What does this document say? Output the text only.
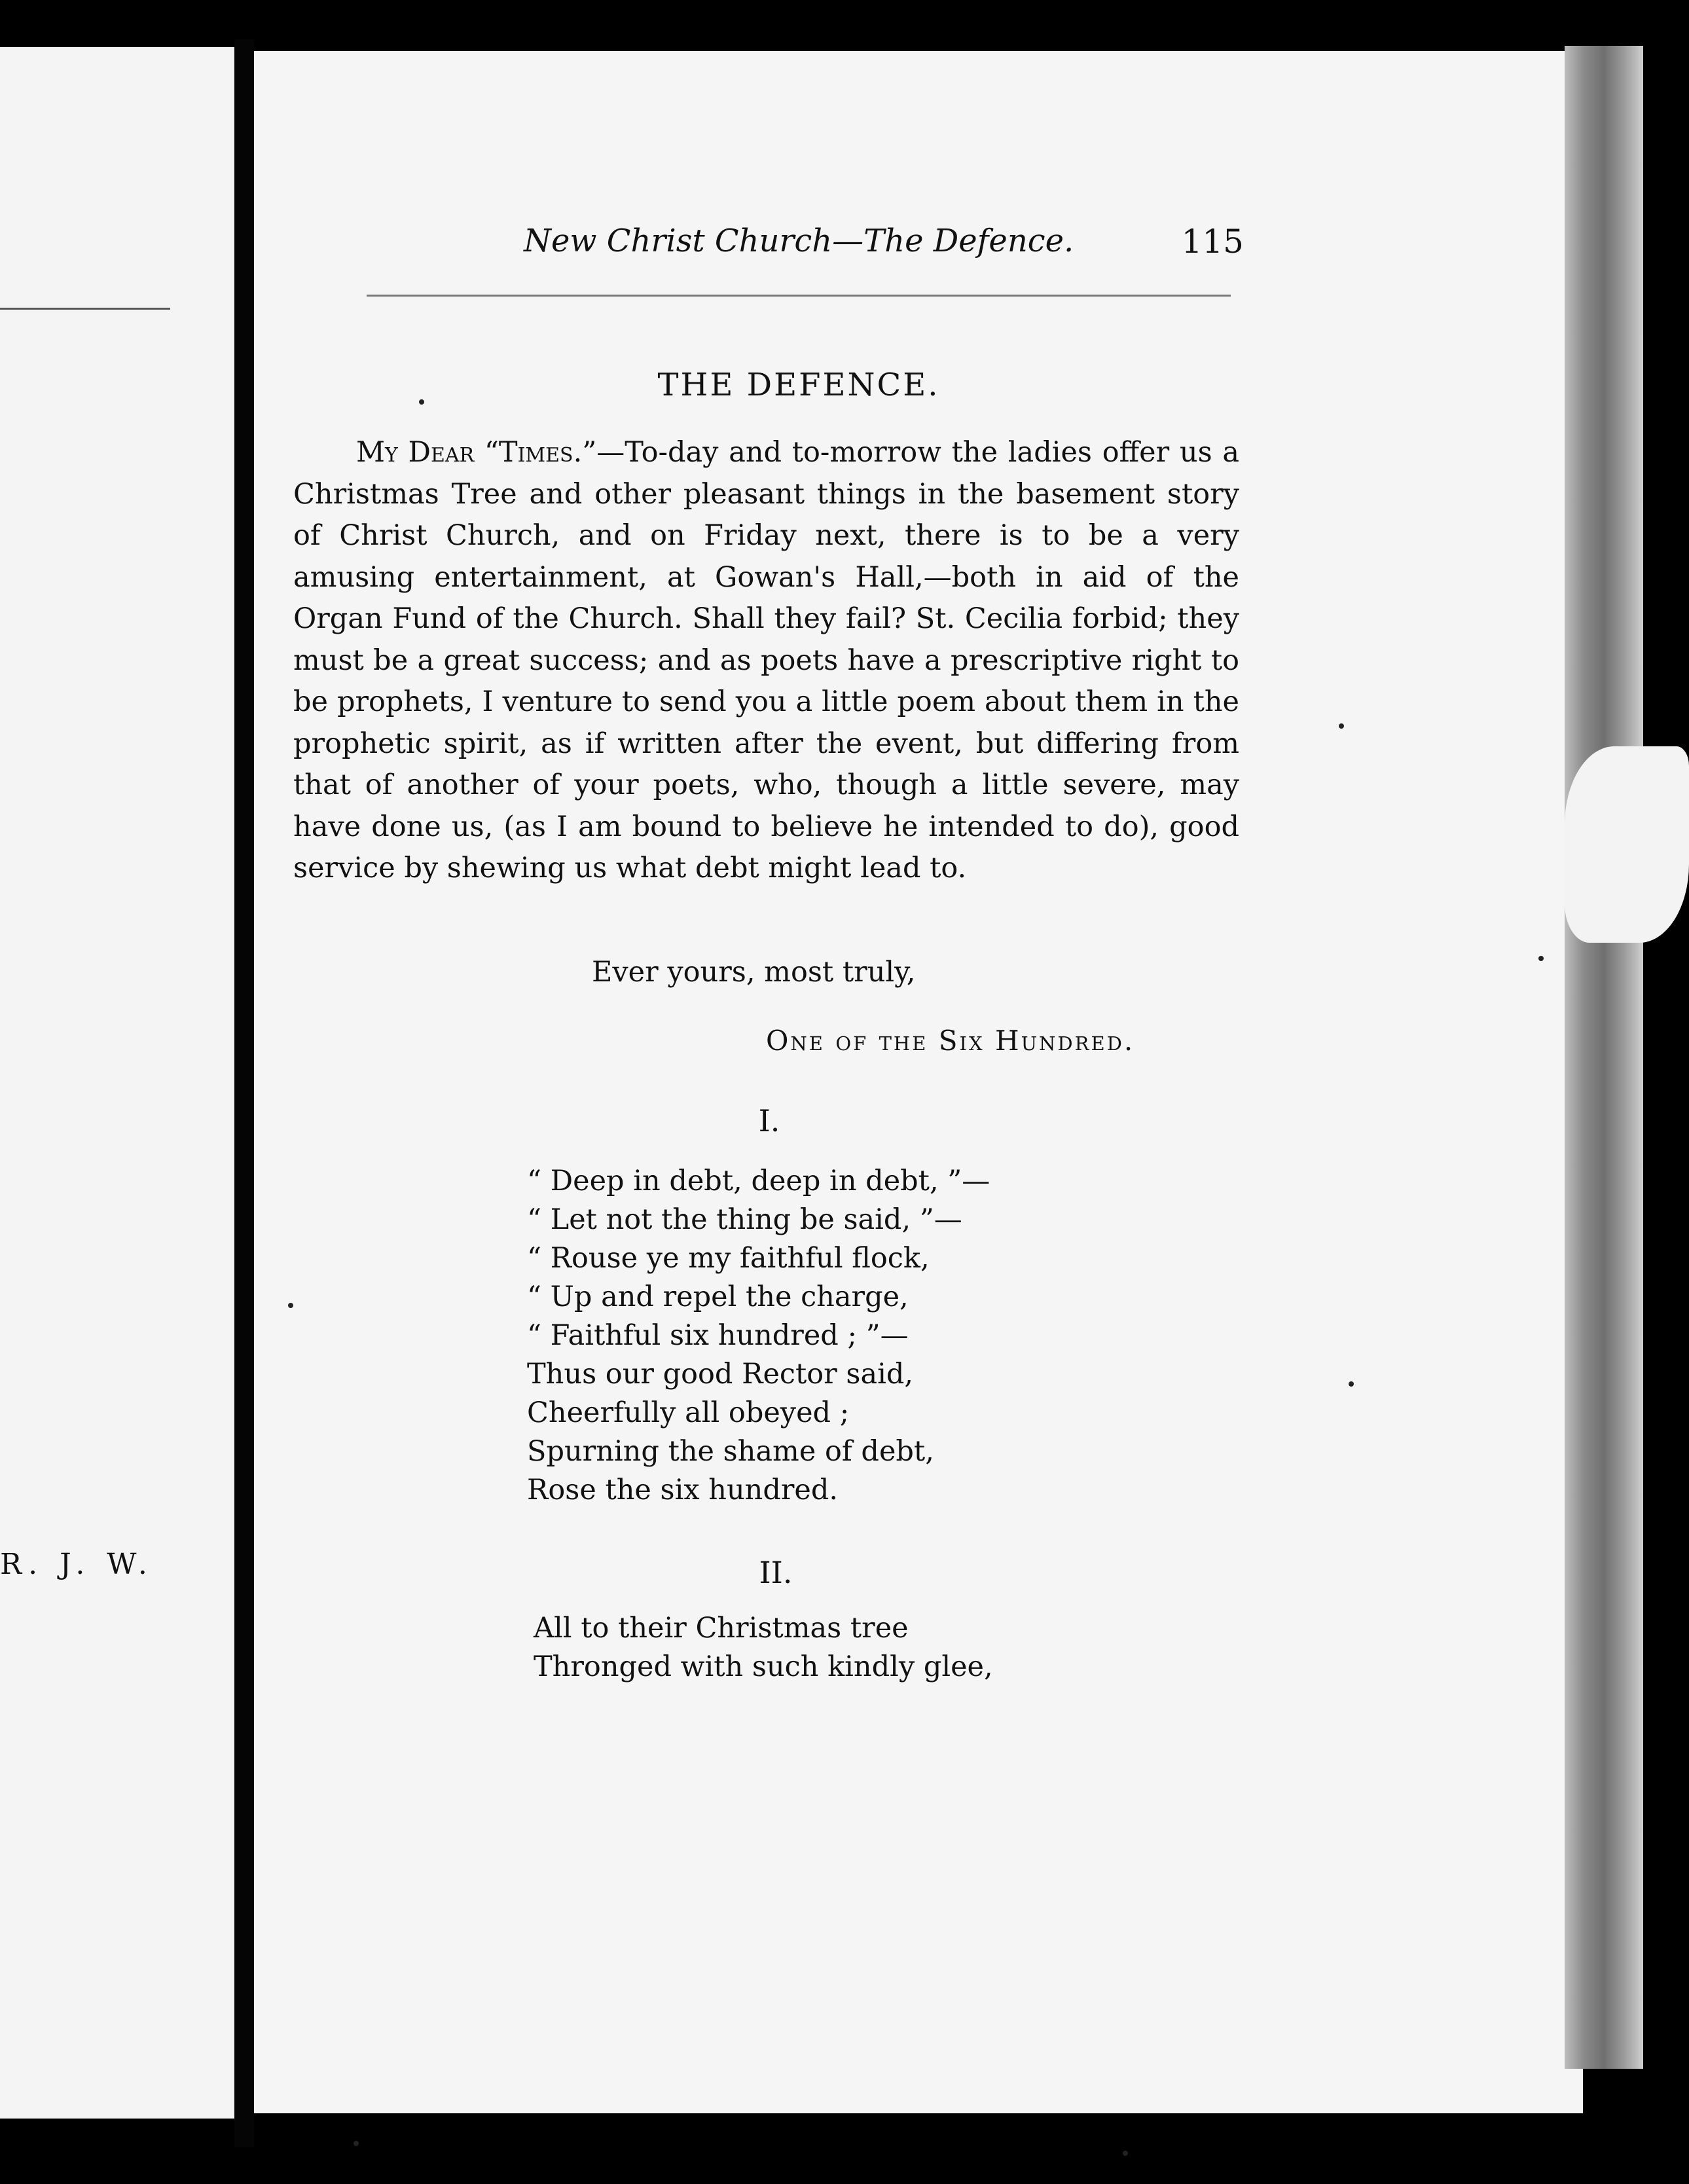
R. J. W.
New Christ Church—The Defence.	115
THE DEFENCE.

My Dear “Times.”—To-day and to-morrow the ladies offer us a Christmas Tree and other pleasant things in the basement story of Christ Church, and on Friday next, there is to be a very amusing entertainment, at Gowan's Hall,—both in aid of the Organ Fund of the Church. Shall they fail? St. Cecilia forbid; they must be a great success; and as poets have a prescriptive right to be prophets, I venture to send you a little poem about them in the prophetic spirit, as if written after the event, but differing from that of another of your poets, who, though a little severe, may have done us, (as I am bound to believe he intended to do), good service by shewing us what debt might lead to.

Ever yours, most truly,
One of the Six Hundred.
I.
“ Deep in debt, deep in debt, ”—
“ Let not the thing be said, ”—
“ Rouse ye my faithful flock,
“ Up and repel the charge,
“ Faithful six hundred ; ”—
Thus our good Rector said,
Cheerfully all obeyed ;
Spurning the shame of debt,
Rose the six hundred.
II.
All to their Christmas tree
Thronged with such kindly glee,
